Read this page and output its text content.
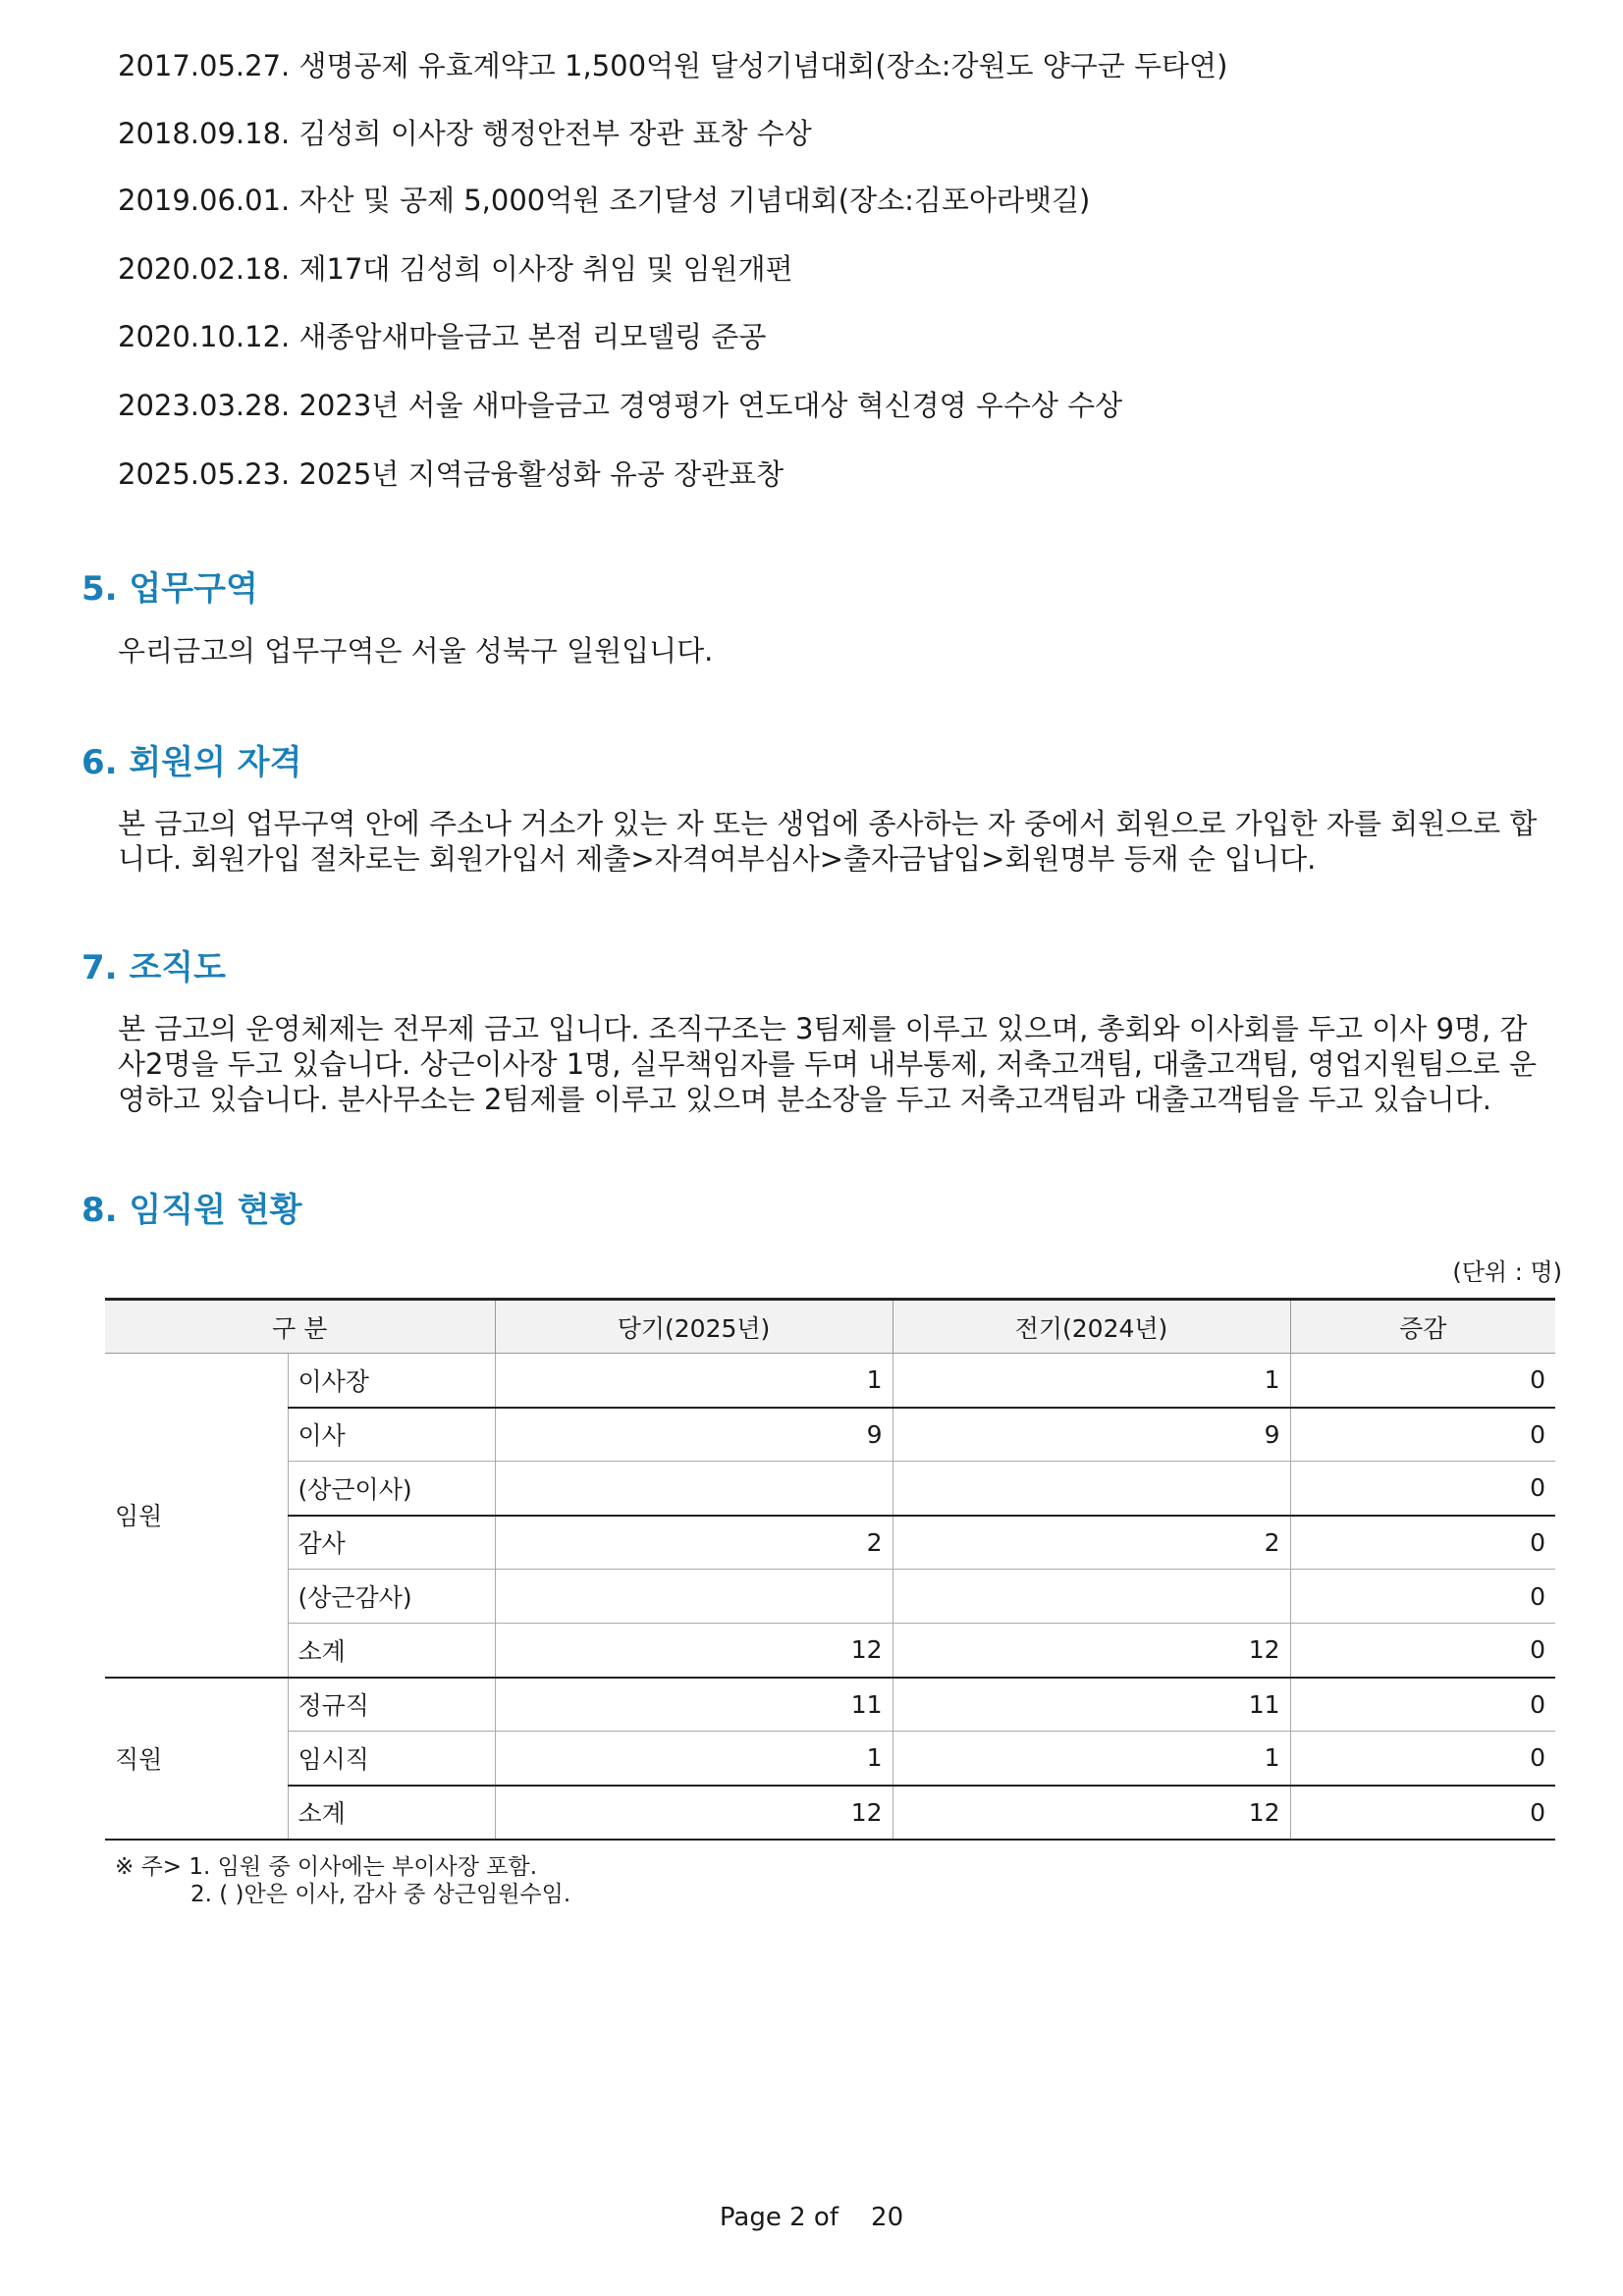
2017.05.27. 생명공제 유효계약고 1,500억원 달성기념대회(장소:강원도 양구군 두타연)
2018.09.18. 김성희 이사장 행정안전부 장관 표창 수상
2019.06.01. 자산 및 공제 5,000억원 조기달성 기념대회(장소:김포아라뱃길)
2020.02.18. 제17대 김성희 이사장 취임 및 임원개편
2020.10.12. 새종암새마을금고 본점 리모델링 준공
2023.03.28. 2023년 서울 새마을금고 경영평가 연도대상 혁신경영 우수상 수상
2025.05.23. 2025년 지역금융활성화 유공 장관표창
5. 업무구역
우리금고의 업무구역은 서울 성북구 일원입니다.
6. 회원의 자격
본 금고의 업무구역 안에 주소나 거소가 있는 자 또는 생업에 종사하는 자 중에서 회원으로 가입한 자를 회원으로 합니다. 회원가입 절차로는 회원가입서 제출>자격여부심사>출자금납입>회원명부 등재 순 입니다.
7. 조직도
본 금고의 운영체제는 전무제 금고 입니다. 조직구조는 3팀제를 이루고 있으며, 총회와 이사회를 두고 이사 9명, 감사2명을 두고 있습니다. 상근이사장 1명, 실무책임자를 두며 내부통제, 저축고객팀, 대출고객팀, 영업지원팀으로 운영하고 있습니다. 분사무소는 2팀제를 이루고 있으며 분소장을 두고 저축고객팀과 대출고객팀을 두고 있습니다.
8. 임직원 현황
(단위 : 명)
구 분		당기(2025년)	전기(2024년)	증감
임원	이사장	1	1	0
	이사	9	9	0
	(상근이사)			0
	감사	2	2	0
	(상근감사)			0
	소계	12	12	0
직원	정규직	11	11	0
	임시직	1	1	0
	소계	12	12	0
※ 주> 1. 임원 중 이사에는 부이사장 포함.
2. ( )안은 이사, 감사 중 상근임원수임.
Page 2 of    20
